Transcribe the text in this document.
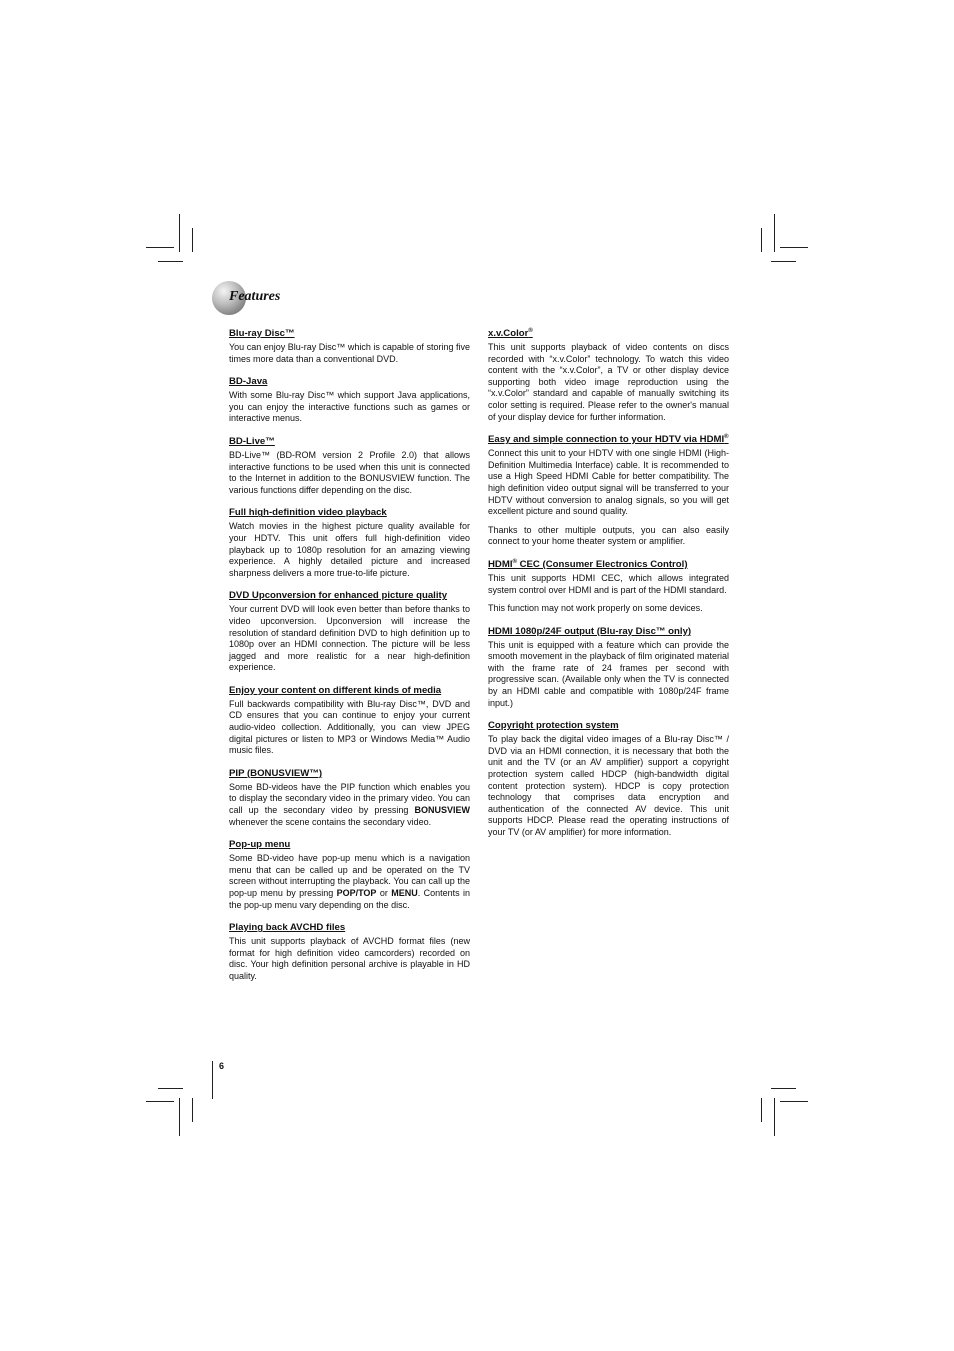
Features
Blu-ray Disc™

You can enjoy Blu-ray Disc™ which is capable of storing five times more data than a conventional DVD.

BD-Java

With some Blu-ray Disc™ which support Java applications, you can enjoy the interactive functions such as games or interactive menus.

BD-Live™

BD-Live™ (BD-ROM version 2 Profile 2.0) that allows interactive functions to be used when this unit is connected to the Internet in addition to the BONUSVIEW function. The various functions differ depending on the disc.

Full high-definition video playback

Watch movies in the highest picture quality available for your HDTV. This unit offers full high-definition video playback up to 1080p resolution for an amazing viewing experience. A highly detailed picture and increased sharpness delivers a more true-to-life picture.

DVD Upconversion for enhanced picture quality

Your current DVD will look even better than before thanks to video upconversion. Upconversion will increase the resolution of standard definition DVD to high definition up to 1080p over an HDMI connection. The picture will be less jagged and more realistic for a near high-definition experience.

Enjoy your content on different kinds of media

Full backwards compatibility with Blu-ray Disc™, DVD and CD ensures that you can continue to enjoy your current audio-video collection. Additionally, you can view JPEG digital pictures or listen to MP3 or Windows Media™ Audio music files.

PIP (BONUSVIEW™)

Some BD-videos have the PIP function which enables you to display the secondary video in the primary video. You can call up the secondary video by pressing BONUSVIEW whenever the scene contains the secondary video.

Pop-up menu

Some BD-video have pop-up menu which is a navigation menu that can be called up and be operated on the TV screen without interrupting the playback. You can call up the pop-up menu by pressing POP/TOP or MENU. Contents in the pop-up menu vary depending on the disc.

Playing back AVCHD files

This unit supports playback of AVCHD format files (new format for high definition video camcorders) recorded on disc. Your high definition personal archive is playable in HD quality.

x.v.Color®

This unit supports playback of video contents on discs recorded with “x.v.Color” technology. To watch this video content with the “x.v.Color”, a TV or other display device supporting both video image reproduction using the “x.v.Color” standard and capable of manually switching its color setting is required. Please refer to the owner's manual of your display device for further information.

Easy and simple connection to your HDTV via HDMI®

Connect this unit to your HDTV with one single HDMI (High-Definition Multimedia Interface) cable. It is recommended to use a High Speed HDMI Cable for better compatibility. The high definition video output signal will be transferred to your HDTV without conversion to analog signals, so you will get excellent picture and sound quality.

Thanks to other multiple outputs, you can also easily connect to your home theater system or amplifier.

HDMI® CEC (Consumer Electronics Control)

This unit supports HDMI CEC, which allows integrated system control over HDMI and is part of the HDMI standard.

This function may not work properly on some devices.

HDMI 1080p/24F output (Blu-ray Disc™ only)

This unit is equipped with a feature which can provide the smooth movement in the playback of film originated material with the frame rate of 24 frames per second with progressive scan. (Available only when the TV is connected by an HDMI cable and compatible with 1080p/24F frame input.)

Copyright protection system

To play back the digital video images of a Blu-ray Disc™ / DVD via an HDMI connection, it is necessary that both the unit and the TV (or an AV amplifier) support a copyright protection system called HDCP (high-bandwidth digital content protection system). HDCP is copy protection technology that comprises data encryption and authentication of the connected AV device. This unit supports HDCP. Please read the operating instructions of your TV (or AV amplifier) for more information.

6
